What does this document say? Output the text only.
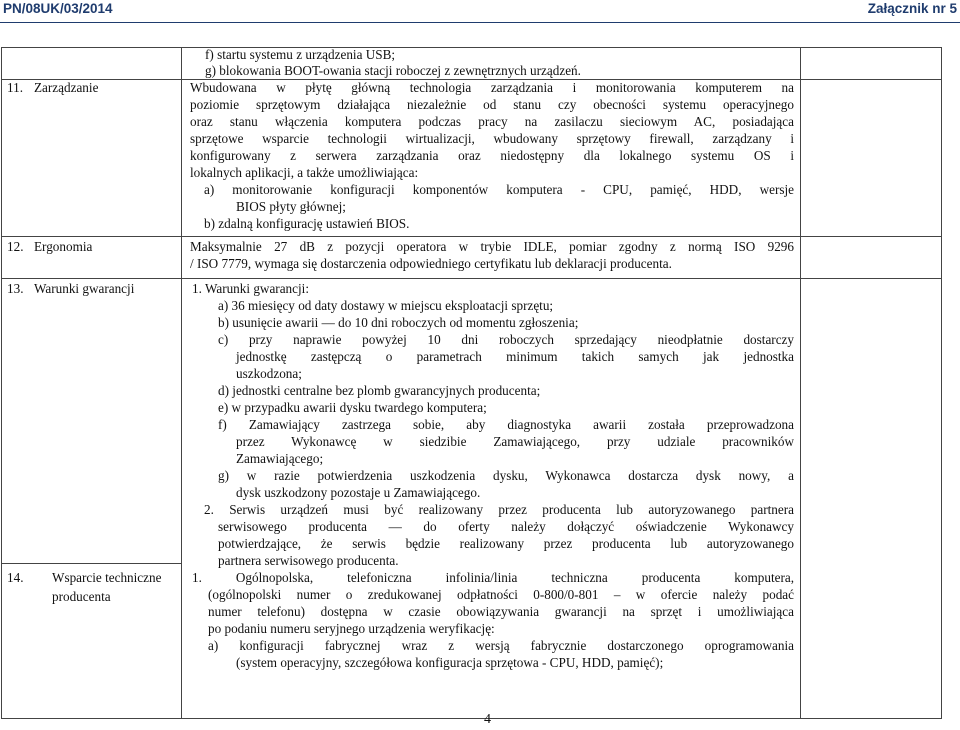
PN/08UK/03/2014	Załącznik nr 5
f) startu systemu z urządzenia USB;
g) blokowania BOOT-owania stacji roboczej z zewnętrznych urządzeń.
11. Zarządzanie	Wbudowana w płytę główną technologia zarządzania i monitorowania komputerem na
poziomie sprzętowym działająca niezależnie od stanu czy obecności systemu operacyjnego
oraz stanu włączenia komputera podczas pracy na zasilaczu sieciowym AC, posiadająca
sprzętowe wsparcie technologii wirtualizacji, wbudowany sprzętowy firewall, zarządzany i
konfigurowany z serwera zarządzania oraz niedostępny dla lokalnego systemu OS i
lokalnych aplikacji, a także umożliwiająca:
a) monitorowanie konfiguracji komponentów komputera - CPU, pamięć, HDD, wersje
BIOS płyty głównej;
b) zdalną konfigurację ustawień BIOS.
12. Ergonomia	Maksymalnie 27 dB z pozycji operatora w trybie IDLE, pomiar zgodny z normą ISO 9296
/ ISO 7779, wymaga się dostarczenia odpowiedniego certyfikatu lub deklaracji producenta.
13. Warunki gwarancji	1. Warunki gwarancji:
a) 36 miesięcy od daty dostawy w miejscu eksploatacji sprzętu;
b) usunięcie awarii — do 10 dni roboczych od momentu zgłoszenia;
c) przy naprawie powyżej 10 dni roboczych sprzedający nieodpłatnie dostarczy
jednostkę zastępczą o parametrach minimum takich samych jak jednostka
uszkodzona;
d) jednostki centralne bez plomb gwarancyjnych producenta;
e) w przypadku awarii dysku twardego komputera;
f) Zamawiający zastrzega sobie, aby diagnostyka awarii została przeprowadzona
przez Wykonawcę w siedzibie Zamawiającego, przy udziale pracowników
Zamawiającego;
g) w razie potwierdzenia uszkodzenia dysku, Wykonawca dostarcza dysk nowy, a
dysk uszkodzony pozostaje u Zamawiającego.
2. Serwis urządzeń musi być realizowany przez producenta lub autoryzowanego partnera
serwisowego producenta — do oferty należy dołączyć oświadczenie Wykonawcy
potwierdzające, że serwis będzie realizowany przez producenta lub autoryzowanego
partnera serwisowego producenta.
14. Wsparcie techniczne
producenta
1. Ogólnopolska, telefoniczna infolinia/linia techniczna producenta komputera,
(ogólnopolski numer o zredukowanej odpłatności 0-800/0-801 – w ofercie należy podać
numer telefonu) dostępna w czasie obowiązywania gwarancji na sprzęt i umożliwiająca
po podaniu numeru seryjnego urządzenia weryfikację:
a) konfiguracji fabrycznej wraz z wersją fabrycznie dostarczonego oprogramowania
(system operacyjny, szczegółowa konfiguracja sprzętowa - CPU, HDD, pamięć);
4
